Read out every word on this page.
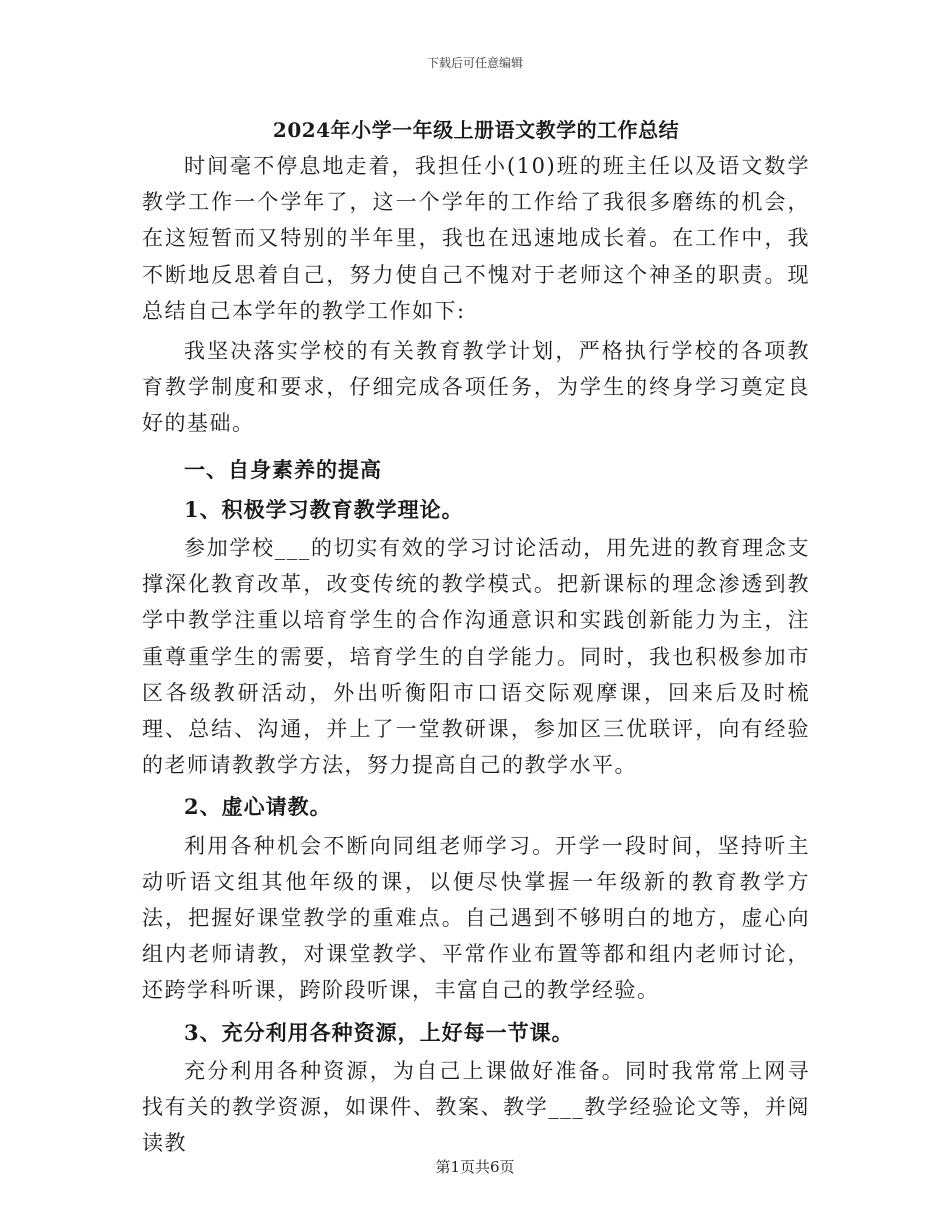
下载后可任意编辑
2024年小学一年级上册语文教学的工作总结

时间毫不停息地走着，我担任小(10)班的班主任以及语文数学教学工作一个学年了，这一个学年的工作给了我很多磨练的机会，在这短暂而又特别的半年里，我也在迅速地成长着。在工作中，我不断地反思着自己，努力使自己不愧对于老师这个神圣的职责。现总结自己本学年的教学工作如下:

我坚决落实学校的有关教育教学计划，严格执行学校的各项教育教学制度和要求，仔细完成各项任务，为学生的终身学习奠定良好的基础。

一、自身素养的提高
1、积极学习教育教学理论。

参加学校___的切实有效的学习讨论活动，用先进的教育理念支撑深化教育改革，改变传统的教学模式。把新课标的理念渗透到教学中教学注重以培育学生的合作沟通意识和实践创新能力为主，注重尊重学生的需要，培育学生的自学能力。同时，我也积极参加市区各级教研活动，外出听衡阳市口语交际观摩课，回来后及时梳理、总结、沟通，并上了一堂教研课，参加区三优联评，向有经验的老师请教教学方法，努力提高自己的教学水平。

2、虚心请教。

利用各种机会不断向同组老师学习。开学一段时间，坚持听主动听语文组其他年级的课，以便尽快掌握一年级新的教育教学方法，把握好课堂教学的重难点。自己遇到不够明白的地方，虚心向组内老师请教，对课堂教学、平常作业布置等都和组内老师讨论，还跨学科听课，跨阶段听课，丰富自己的教学经验。

3、充分利用各种资源，上好每一节课。

充分利用各种资源，为自己上课做好准备。同时我常常上网寻找有关的教学资源，如课件、教案、教学___教学经验论文等，并阅读教

第1页共6页
